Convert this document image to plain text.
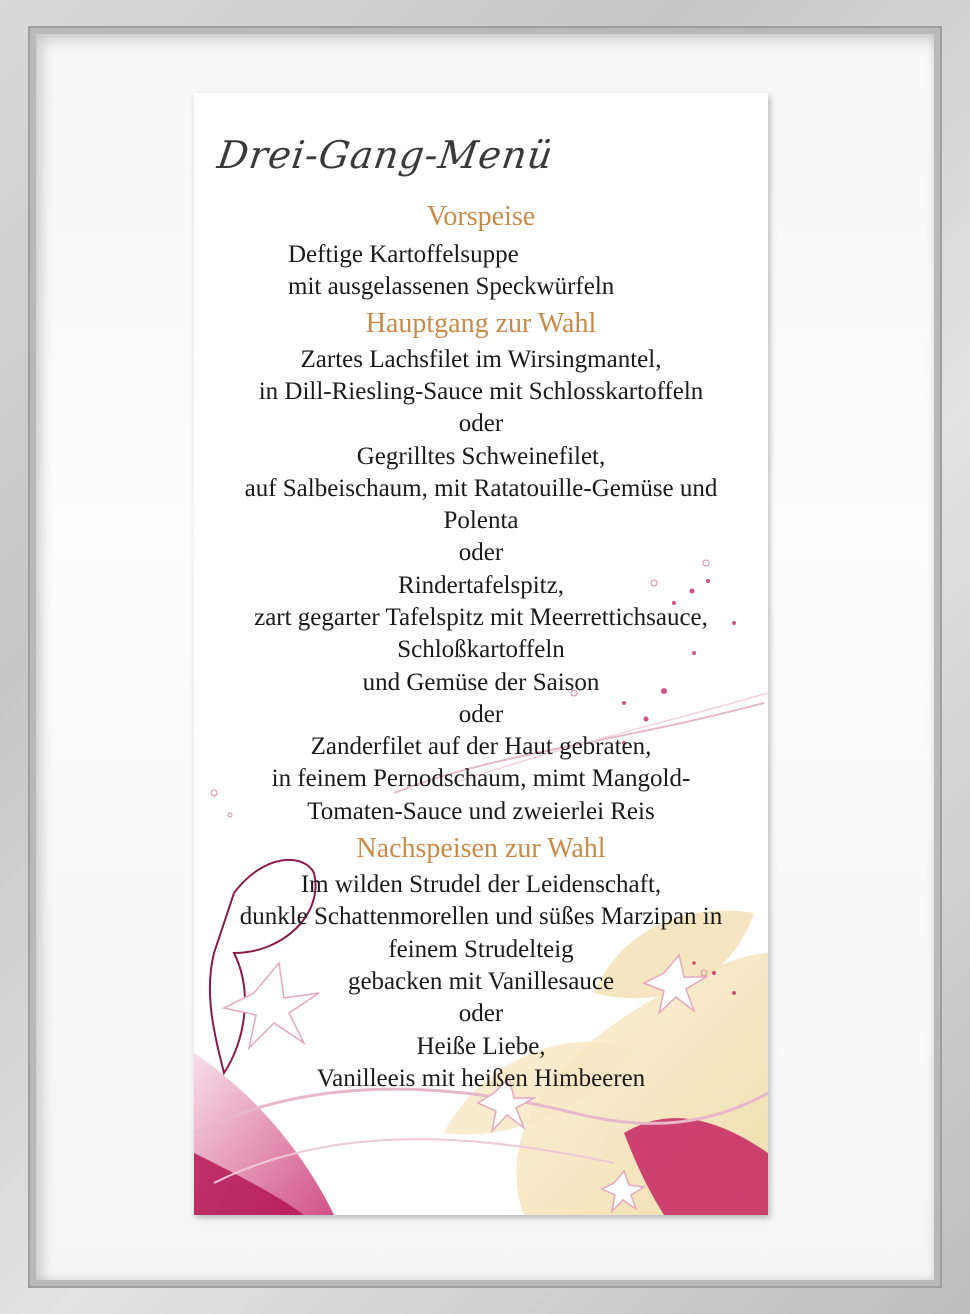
Drei-Gang-Menü
Vorspeise
Deftige Kartoffelsuppe
mit ausgelassenen Speckwürfeln
Hauptgang zur Wahl
Zartes Lachsfilet im Wirsingmantel,
in Dill-Riesling-Sauce mit Schlosskartoffeln
oder
Gegrilltes Schweinefilet,
auf Salbeischaum, mit Ratatouille-Gemüse und
Polenta
oder
Rindertafelspitz,
zart gegarter Tafelspitz mit Meerrettichsauce,
Schloßkartoffeln
und Gemüse der Saison
oder
Zanderfilet auf der Haut gebraten,
in feinem Pernodschaum, mimt Mangold-
Tomaten-Sauce und zweierlei Reis
Nachspeisen zur Wahl
Im wilden Strudel der Leidenschaft,
dunkle Schattenmorellen und süßes Marzipan in
feinem Strudelteig
gebacken mit Vanillesauce
oder
Heiße Liebe,
Vanilleeis mit heißen Himbeeren
